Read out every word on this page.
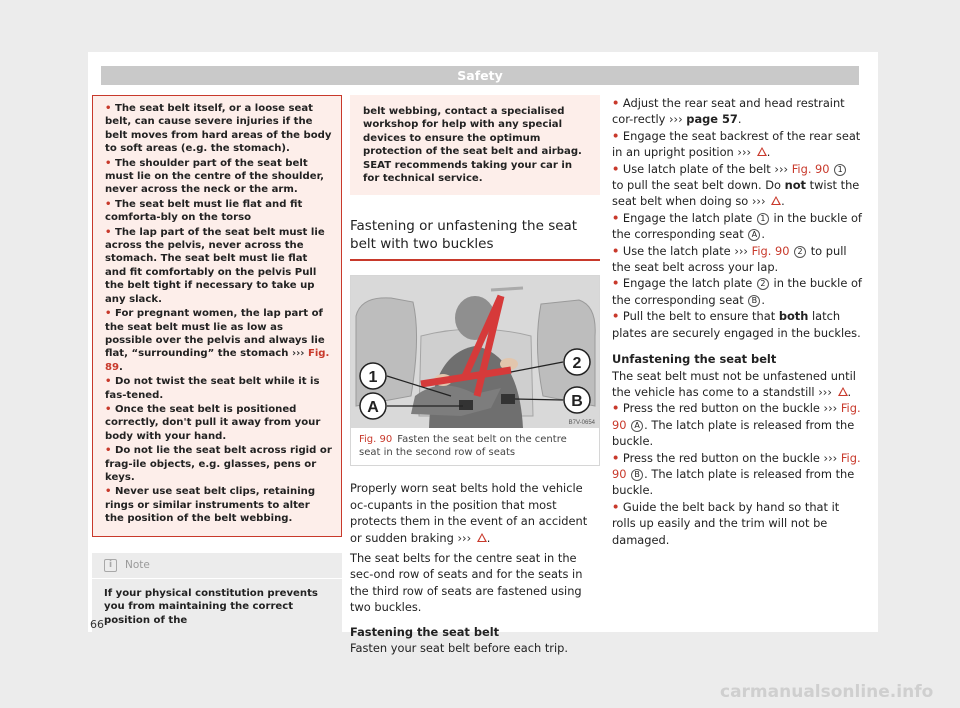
Safety

• The seat belt itself, or a loose seat belt, can cause severe injuries if the belt moves from hard areas of the body to soft areas (e.g. the stomach).

• The shoulder part of the seat belt must lie on the centre of the shoulder, never across the neck or the arm.

• The seat belt must lie flat and fit comforta-bly on the torso

• The lap part of the seat belt must lie across the pelvis, never across the stomach. The seat belt must lie flat and fit comfortably on the pelvis Pull the belt tight if necessary to take up any slack.

• For pregnant women, the lap part of the seat belt must lie as low as possible over the pelvis and always lie flat, “surrounding” the stomach ››› Fig. 89.

• Do not twist the seat belt while it is fas-tened.

• Once the seat belt is positioned correctly, don't pull it away from your body with your hand.

• Do not lie the seat belt across rigid or frag-ile objects, e.g. glasses, pens or keys.

• Never use seat belt clips, retaining rings or similar instruments to alter the position of the belt webbing.

i	Note
If your physical constitution prevents you from maintaining the correct position of the
belt webbing, contact a specialised workshop for help with any special devices to ensure the optimum protection of the seat belt and airbag. SEAT recommends taking your car in for technical service.
Fastening or unfastening the seat belt with two buckles
1
A
2
B
B7V-0654
Fig. 90 Fasten the seat belt on the centre seat in the second row of seats

Properly worn seat belts hold the vehicle oc-cupants in the position that most protects them in the event of an accident or sudden braking ››› .

The seat belts for the centre seat in the sec-ond row of seats and for the seats in the third row of seats are fastened using two buckles.

Fastening the seat belt

Fasten your seat belt before each trip.

• Adjust the rear seat and head restraint cor-rectly ››› page 57.

• Engage the seat backrest of the rear seat in an upright position ››› .

• Use latch plate of the belt ››› Fig. 90 1 to pull the seat belt down. Do not twist the seat belt when doing so ››› .

• Engage the latch plate 1 in the buckle of the corresponding seat A .

• Use the latch plate ››› Fig. 90 2 to pull the seat belt across your lap.

• Engage the latch plate 2 in the buckle of the corresponding seat B .

• Pull the belt to ensure that both latch plates are securely engaged in the buckles.

Unfastening the seat belt

The seat belt must not be unfastened until the vehicle has come to a standstill ››› .

• Press the red button on the buckle ››› Fig. 90 A . The latch plate is released from the buckle.

• Press the red button on the buckle ››› Fig. 90 B . The latch plate is released from the buckle.

• Guide the belt back by hand so that it rolls up easily and the trim will not be damaged.

66
carmanualsonline.info
